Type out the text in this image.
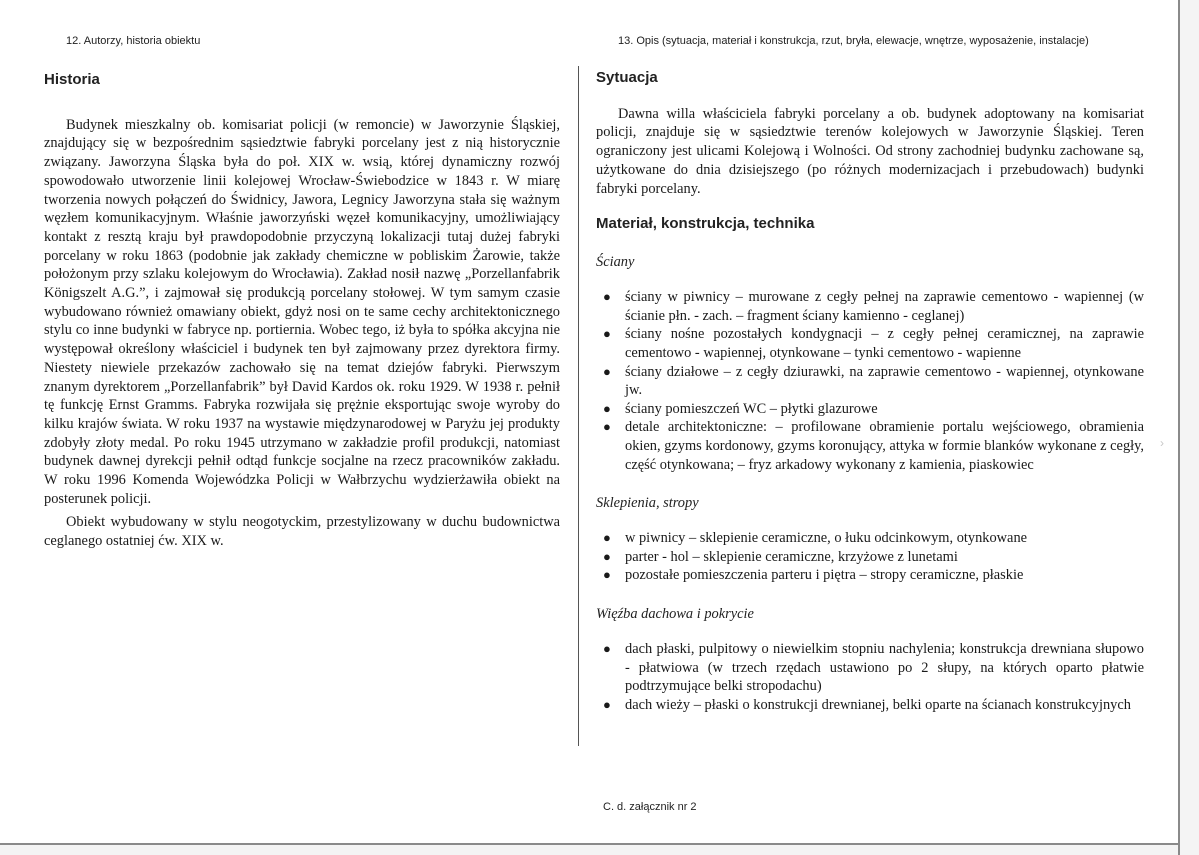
12. Autorzy, historia obiektu

Historia

Budynek mieszkalny ob. komisariat policji (w remoncie) w Jaworzynie Śląskiej, znajdujący się w bezpośrednim sąsiedztwie fabryki porcelany jest z nią historycznie związany. Jaworzyna Śląska była do poł. XIX w. wsią, której dynamiczny rozwój spowodowało utworzenie linii kolejowej Wrocław-Świebodzice w 1843 r. W miarę tworzenia nowych połączeń do Świdnicy, Jawora, Legnicy Jaworzyna stała się ważnym węzłem komunikacyjnym. Właśnie jaworzyński węzeł komunikacyjny, umożliwiający kontakt z resztą kraju był prawdopodobnie przyczyną lokalizacji tutaj dużej fabryki porcelany w roku 1863 (podobnie jak zakłady chemiczne w pobliskim Żarowie, także położonym przy szlaku kolejowym do Wrocławia). Zakład nosił nazwę „Porzellanfabrik Königszelt A.G.”, i zajmował się produkcją porcelany stołowej. W tym samym czasie wybudowano również omawiany obiekt, gdyż nosi on te same cechy architektonicznego stylu co inne budynki w fabryce np. portiernia. Wobec tego, iż była to spółka akcyjna nie występował określony właściciel i budynek ten był zajmowany przez dyrektora firmy. Niestety niewiele przekazów zachowało się na temat dziejów fabryki. Pierwszym znanym dyrektorem „Porzellanfabrik” był David Kardos ok. roku 1929. W 1938 r. pełnił tę funkcję Ernst Gramms. Fabryka rozwijała się prężnie eksportując swoje wyroby do kilku krajów świata. W roku 1937 na wystawie międzynarodowej w Paryżu jej produkty zdobyły złoty medal. Po roku 1945 utrzymano w zakładzie profil produkcji, natomiast budynek dawnej dyrekcji pełnił odtąd funkcje socjalne na rzecz pracowników zakładu. W roku 1996 Komenda Wojewódzka Policji w Wałbrzychu wydzierżawiła obiekt na posterunek policji.

Obiekt wybudowany w stylu neogotyckim, przestylizowany w duchu budownictwa ceglanego ostatniej ćw. XIX w.

13. Opis (sytuacja, materiał i konstrukcja, rzut, bryła, elewacje, wnętrze, wyposażenie, instalacje)

Sytuacja

Dawna willa właściciela fabryki porcelany a ob. budynek adoptowany na komisariat policji, znajduje się w sąsiedztwie terenów kolejowych w Jaworzynie Śląskiej. Teren ograniczony jest ulicami Kolejową i Wolności. Od strony zachodniej budynku zachowane są, użytkowane do dnia dzisiejszego (po różnych modernizacjach i przebudowach) budynki fabryki porcelany.

Materiał, konstrukcja, technika
Ściany
● ściany w piwnicy – murowane z cegły pełnej na zaprawie cementowo - wapiennej (w ścianie płn. - zach. – fragment ściany kamienno - ceglanej)
● ściany nośne pozostałych kondygnacji – z cegły pełnej ceramicznej, na zaprawie cementowo - wapiennej, otynkowane – tynki cementowo - wapienne
● ściany działowe – z cegły dziurawki, na zaprawie cementowo - wapiennej, otynkowane jw.
● ściany pomieszczeń WC – płytki glazurowe
● detale architektoniczne: – profilowane obramienie portalu wejściowego, obramienia okien, gzyms kordonowy, gzyms koronujący, attyka w formie blanków wykonane z cegły, część otynkowana; – fryz arkadowy wykonany z kamienia, piaskowiec
Sklepienia, stropy
● w piwnicy – sklepienie ceramiczne, o łuku odcinkowym, otynkowane
● parter - hol – sklepienie ceramiczne, krzyżowe z lunetami
● pozostałe pomieszczenia parteru i piętra – stropy ceramiczne, płaskie
Więźba dachowa i pokrycie
● dach płaski, pulpitowy o niewielkim stopniu nachylenia; konstrukcja drewniana słupowo - płatwiowa (w trzech rzędach ustawiono po 2 słupy, na których oparto płatwie podtrzymujące belki stropodachu)
● dach wieży – płaski o konstrukcji drewnianej, belki oparte na ścianach konstrukcyjnych
C. d. załącznik nr 2
›
